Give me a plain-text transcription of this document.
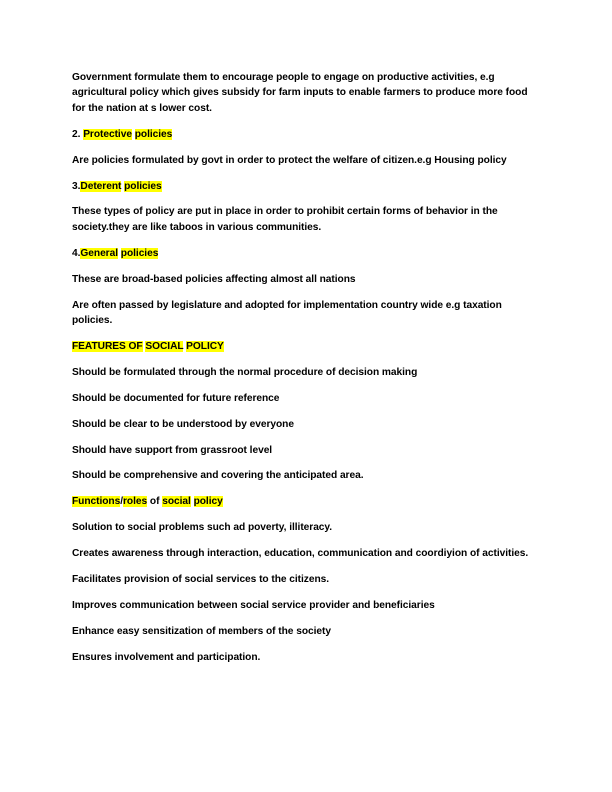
Government formulate them to encourage people to engage on productive activities, e.g agricultural policy which gives subsidy for farm inputs to enable farmers to produce more food for the nation at s lower cost.

2. Protective policies

Are policies formulated by govt in order to protect the welfare of citizen.e.g Housing policy

3.Deterent policies

These types of policy are put in place in order to prohibit certain forms of behavior in the society.they are like taboos in various communities.

4.General policies

These are broad-based policies affecting almost all nations

Are often passed by legislature and adopted for implementation country wide e.g taxation policies.

FEATURES OF SOCIAL POLICY

Should be formulated through the normal procedure of decision making

Should be documented for future reference

Should be clear to be understood by everyone

Should have support from grassroot level

Should be comprehensive and covering the anticipated area.

Functions/roles of social policy

Solution to social problems such ad poverty, illiteracy.

Creates awareness through interaction, education, communication and coordiyion of activities.

Facilitates provision of social services to the citizens.

Improves communication between social service provider and beneficiaries

Enhance easy sensitization of members of the society

Ensures involvement and participation.
